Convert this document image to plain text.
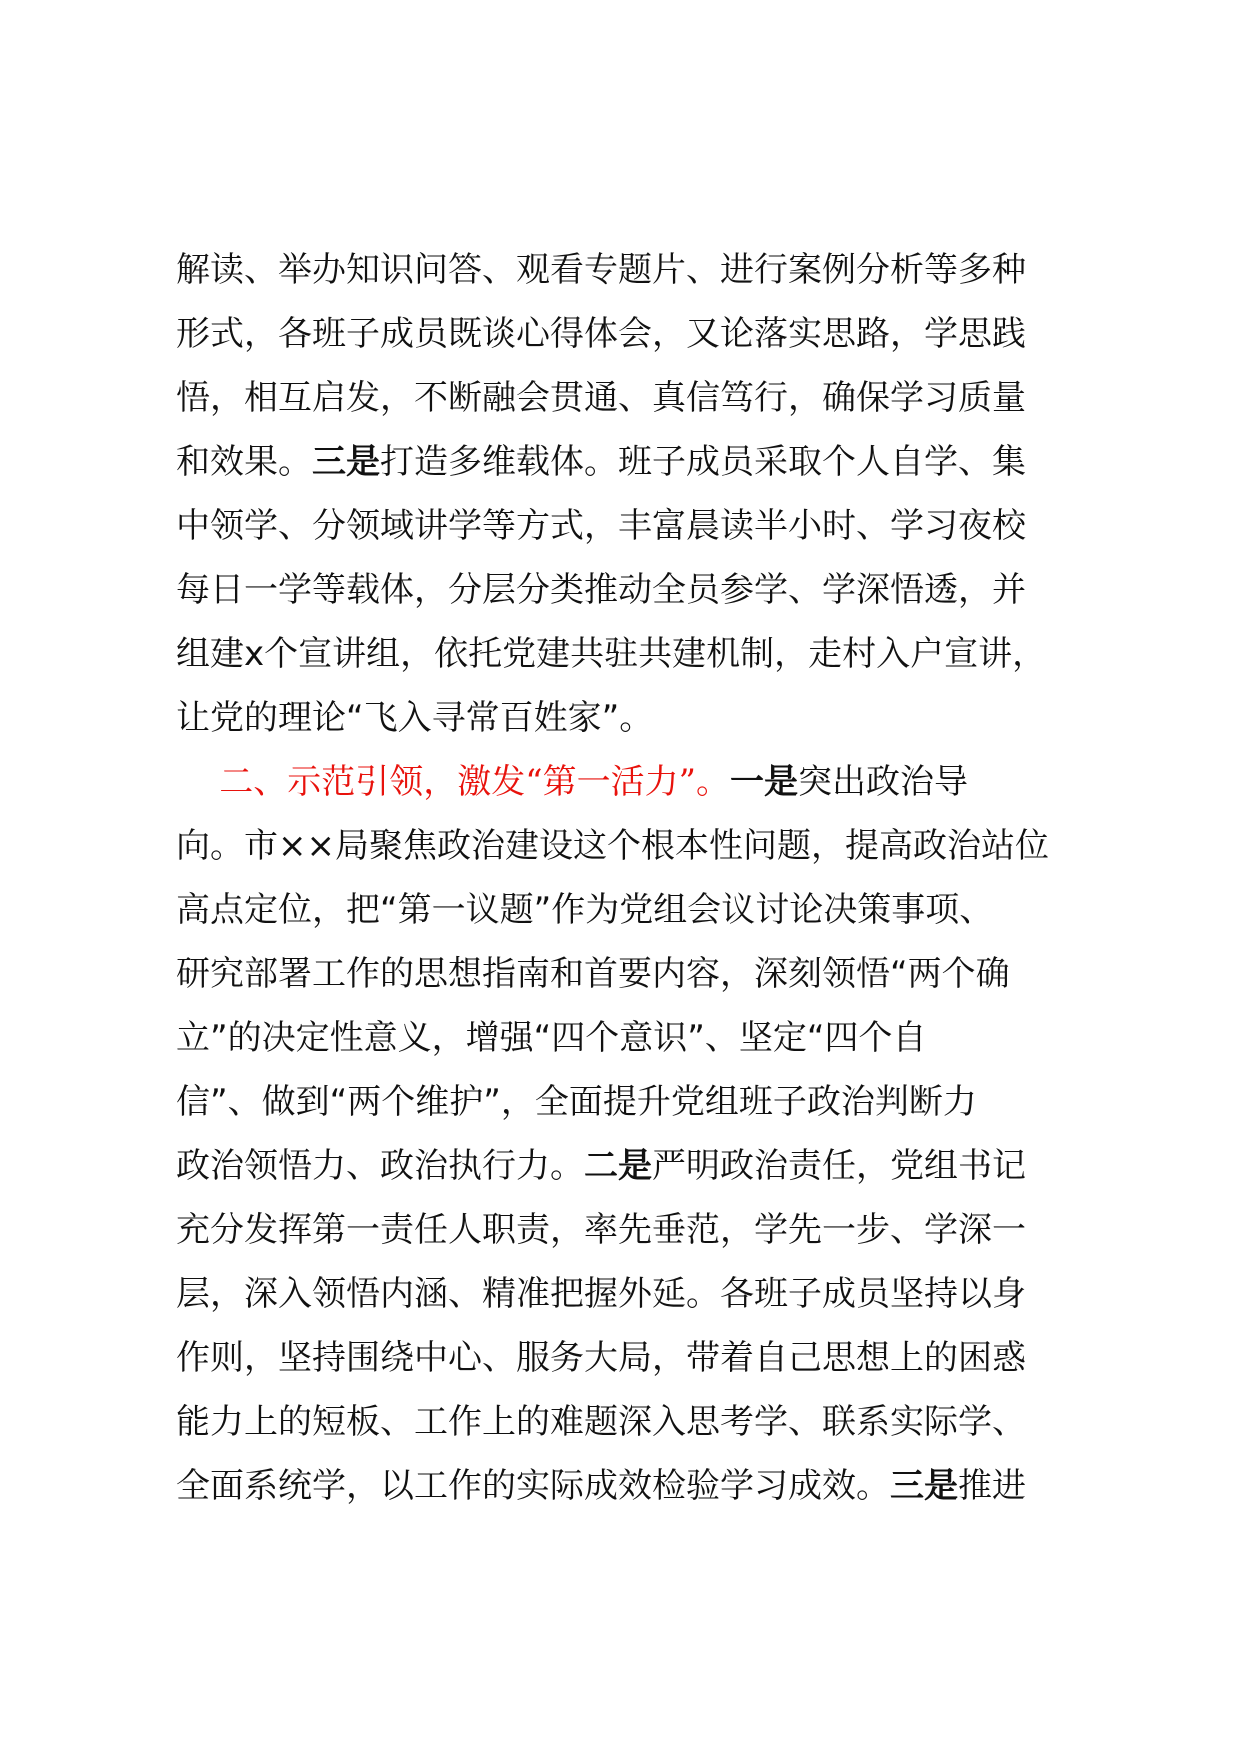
解读、举办知识问答、观看专题片、进行案例分析等多种
形式，各班子成员既谈心得体会，又论落实思路，学思践
悟，相互启发，不断融会贯通、真信笃行，确保学习质量
和效果。三是打造多维载体。班子成员采取个人自学、集
中领学、分领域讲学等方式，丰富晨读半小时、学习夜校
每日一学等载体，分层分类推动全员参学、学深悟透，并
组建x个宣讲组，依托党建共驻共建机制，走村入户宣讲，
让党的理论“飞入寻常百姓家”。
二、示范引领，激发“第一活力”。一是突出政治导
向。市××局聚焦政治建设这个根本性问题，提高政治站位
高点定位，把“第一议题”作为党组会议讨论决策事项、
研究部署工作的思想指南和首要内容，深刻领悟“两个确
立”的决定性意义，增强“四个意识”、坚定“四个自
信”、做到“两个维护”，全面提升党组班子政治判断力
政治领悟力、政治执行力。二是严明政治责任，党组书记
充分发挥第一责任人职责，率先垂范，学先一步、学深一
层，深入领悟内涵、精准把握外延。各班子成员坚持以身
作则，坚持围绕中心、服务大局，带着自己思想上的困惑
能力上的短板、工作上的难题深入思考学、联系实际学、
全面系统学，以工作的实际成效检验学习成效。三是推进
